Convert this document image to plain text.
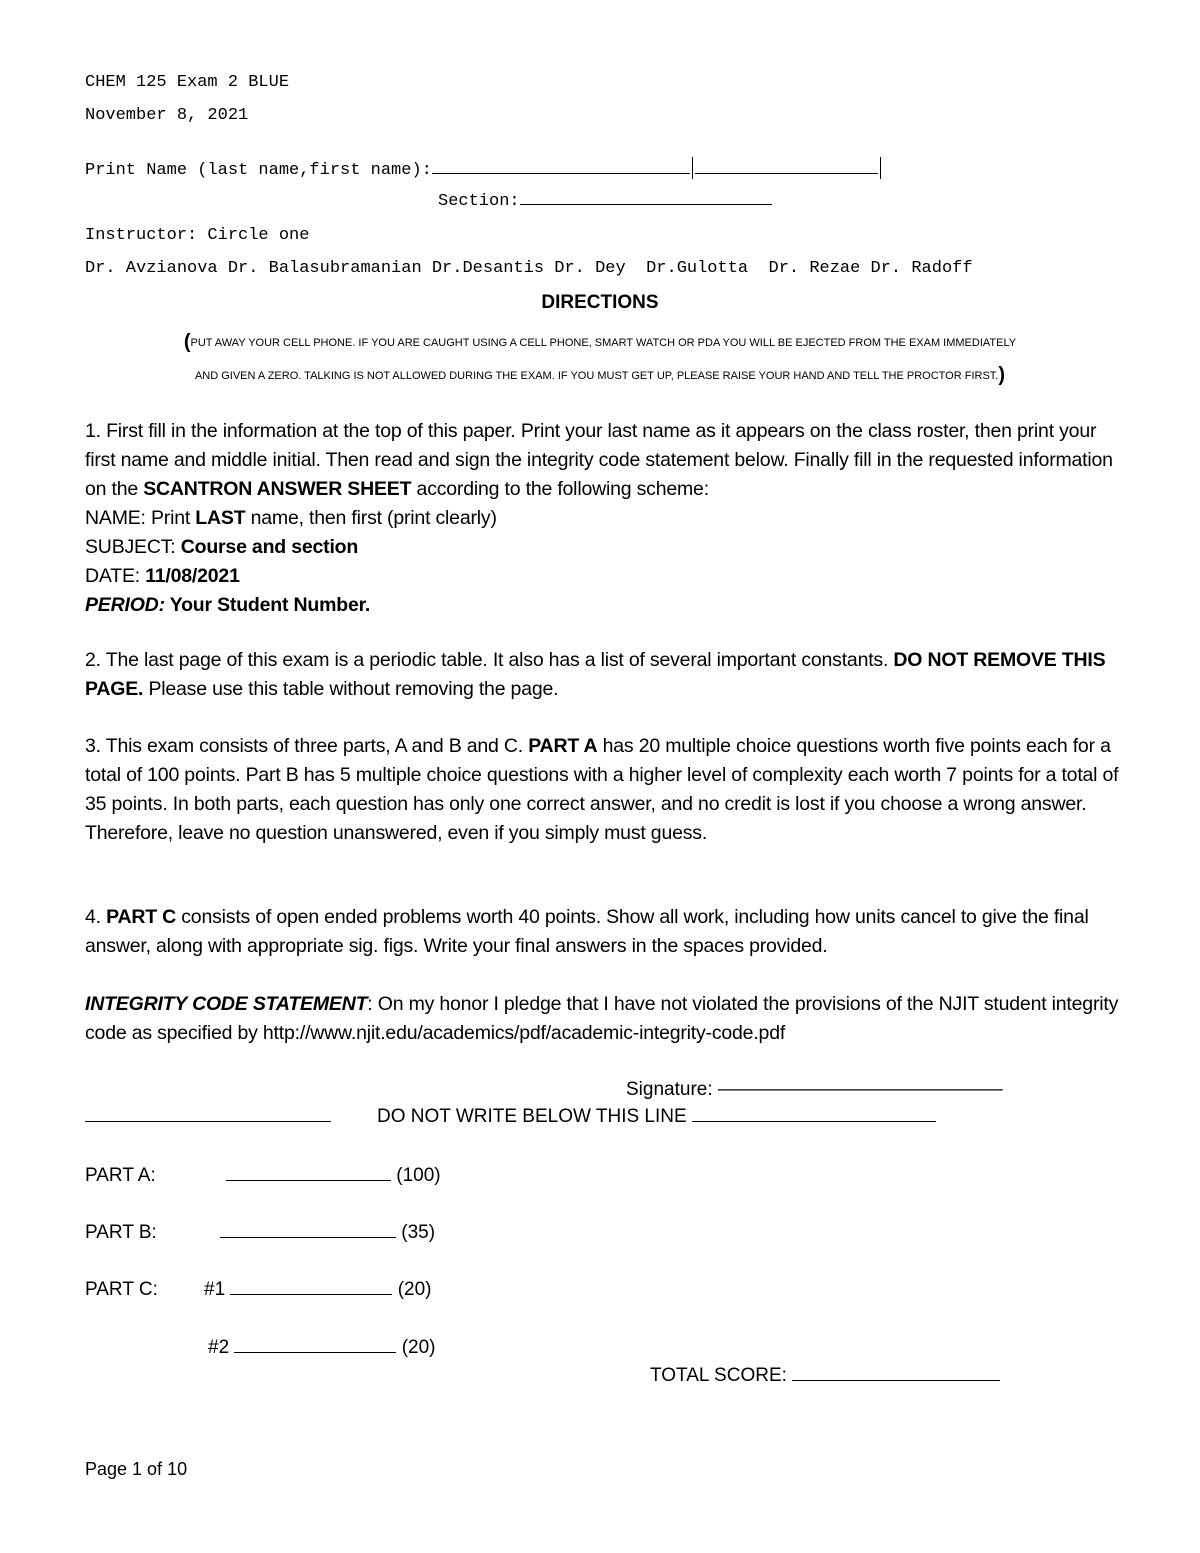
CHEM 125 Exam 2 BLUE
November 8, 2021
Print Name (last name,first name):
Section:
Instructor: Circle one
Dr. Avzianova Dr. Balasubramanian Dr.Desantis Dr. Dey  Dr.Gulotta  Dr. Rezae Dr. Radoff
DIRECTIONS
(PUT AWAY YOUR CELL PHONE. IF YOU ARE CAUGHT USING A CELL PHONE, SMART WATCH OR PDA YOU WILL BE EJECTED FROM THE EXAM IMMEDIATELY
AND GIVEN A ZERO. TALKING IS NOT ALLOWED DURING THE EXAM. IF YOU MUST GET UP, PLEASE RAISE YOUR HAND AND TELL THE PROCTOR FIRST.)

1. First fill in the information at the top of this paper. Print your last name as it appears on the class roster, then print your first name and middle initial. Then read and sign the integrity code statement below. Finally fill in the requested information on the SCANTRON ANSWER SHEET according to the following scheme:

NAME: Print LAST name, then first (print clearly)

SUBJECT: Course and section

DATE: 11/08/2021

PERIOD: Your Student Number.

2. The last page of this exam is a periodic table. It also has a list of several important constants. DO NOT REMOVE THIS PAGE. Please use this table without removing the page.

3. This exam consists of three parts, A and B and C. PART A has 20 multiple choice questions worth five points each for a total of 100 points. Part B has 5 multiple choice questions with a higher level of complexity each worth 7 points for a total of 35 points. In both parts, each question has only one correct answer, and no credit is lost if you choose a wrong answer. Therefore, leave no question unanswered, even if you simply must guess.

4. PART C consists of open ended problems worth 40 points. Show all work, including how units cancel to give the final answer, along with appropriate sig. figs. Write your final answers in the spaces provided.

INTEGRITY CODE STATEMENT: On my honor I pledge that I have not violated the provisions of the NJIT student integrity code as specified by http://www.njit.edu/academics/pdf/academic-integrity-code.pdf

Signature: ———————————————
DO NOT WRITE BELOW THIS LINE
PART A:	(100)
PART B:	(35)
PART C: #1	(20)
#2	(20)
TOTAL SCORE:
Page 1 of 10
